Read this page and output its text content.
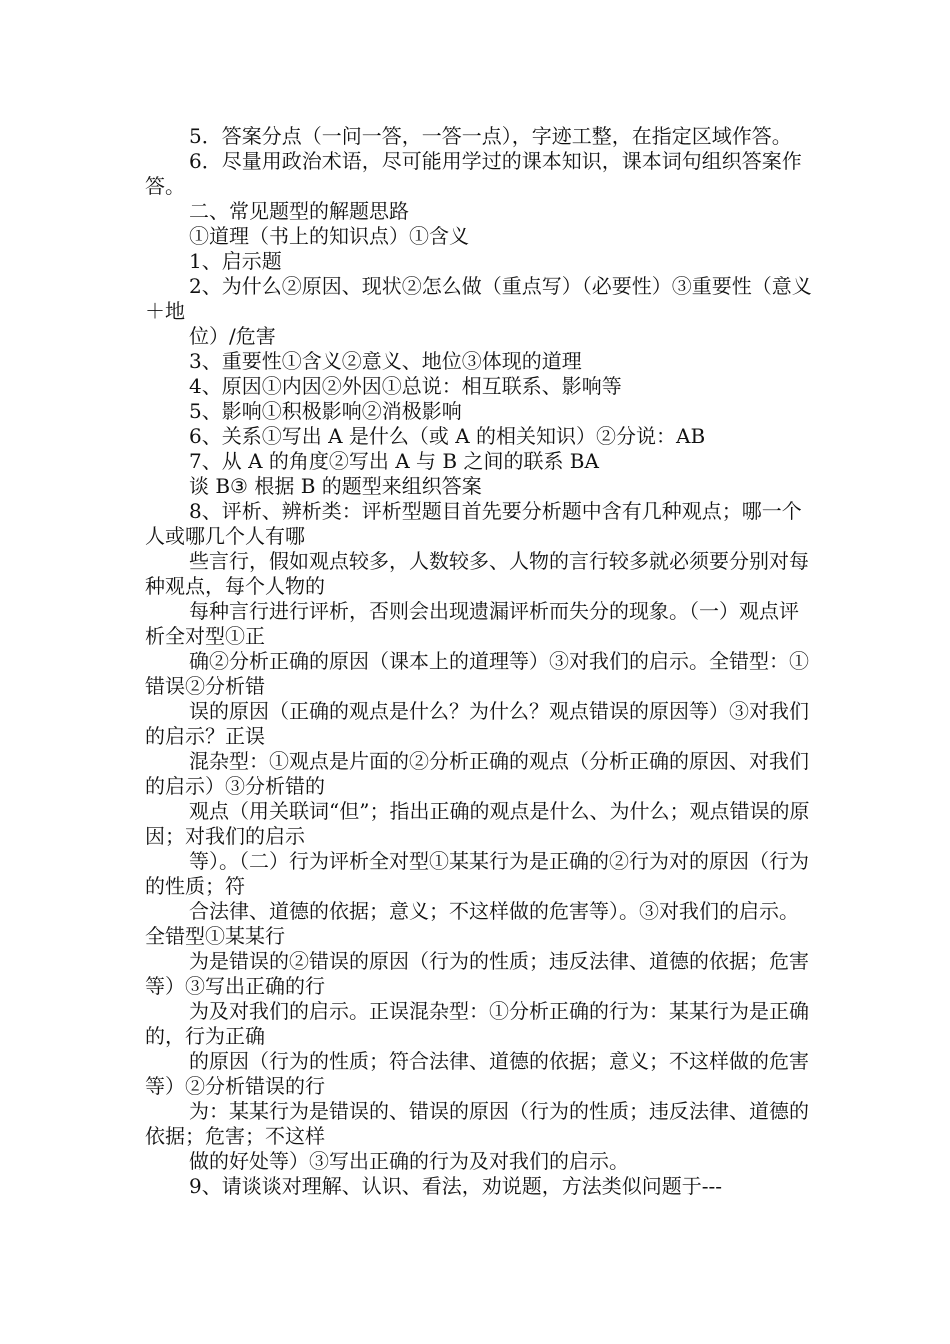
5．答案分点（一问一答，一答一点），字迹工整，在指定区域作答。

6．尽量用政治术语，尽可能用学过的课本知识，课本词句组织答案作答。

二、常见题型的解题思路

①道理（书上的知识点）①含义

1、启示题

2、为什么②原因、现状②怎么做（重点写）（必要性）③重要性（意义＋地

位）/危害

3、重要性①含义②意义、地位③体现的道理

4、原因①内因②外因①总说：相互联系、影响等

5、影响①积极影响②消极影响

6、关系①写出 A 是什么（或 A 的相关知识）②分说：AB

7、从 A 的角度②写出 A 与 B 之间的联系 BA

谈 B③ 根据 B 的题型来组织答案

8、评析、辨析类：评析型题目首先要分析题中含有几种观点；哪一个人或哪几个人有哪

些言行，假如观点较多，人数较多、人物的言行较多就必须要分别对每种观点，每个人物的

每种言行进行评析，否则会出现遗漏评析而失分的现象。（一）观点评析全对型①正

确②分析正确的原因（课本上的道理等）③对我们的启示。全错型：①错误②分析错

误的原因（正确的观点是什么？为什么？观点错误的原因等）③对我们的启示？正误

混杂型：①观点是片面的②分析正确的观点（分析正确的原因、对我们的启示）③分析错的

观点（用关联词“但”；指出正确的观点是什么、为什么；观点错误的原因；对我们的启示

等）。（二）行为评析全对型①某某行为是正确的②行为对的原因（行为的性质；符

合法律、道德的依据；意义；不这样做的危害等）。③对我们的启示。全错型①某某行

为是错误的②错误的原因（行为的性质；违反法律、道德的依据；危害等）③写出正确的行

为及对我们的启示。正误混杂型：①分析正确的行为：某某行为是正确的，行为正确

的原因（行为的性质；符合法律、道德的依据；意义；不这样做的危害等）②分析错误的行

为：某某行为是错误的、错误的原因（行为的性质；违反法律、道德的依据；危害；不这样

做的好处等）③写出正确的行为及对我们的启示。

9、请谈谈对理解、认识、看法，劝说题，方法类似问题于---
